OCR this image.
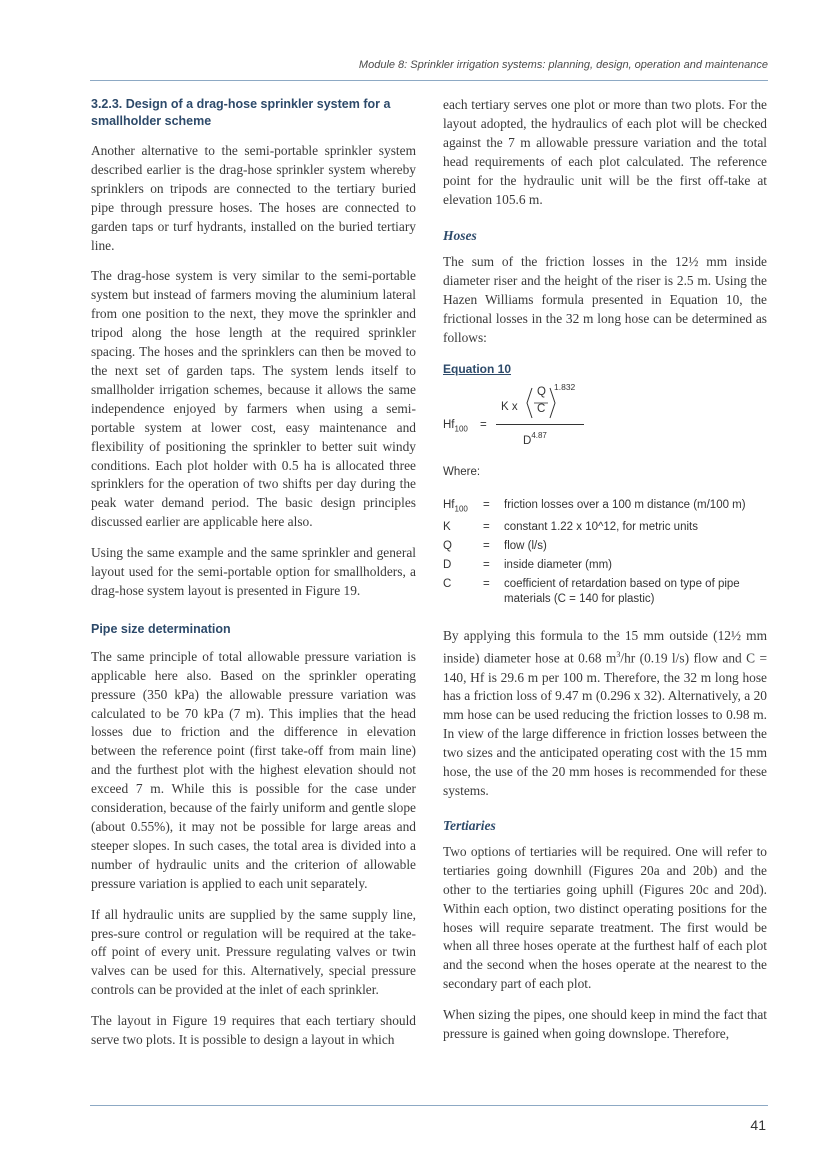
Module 8: Sprinkler irrigation systems: planning, design, operation and maintenance
3.2.3. Design of a drag-hose sprinkler system for a smallholder scheme

Another alternative to the semi-portable sprinkler system described earlier is the drag-hose sprinkler system whereby sprinklers on tripods are connected to the tertiary buried pipe through pressure hoses. The hoses are connected to garden taps or turf hydrants, installed on the buried tertiary line.

The drag-hose system is very similar to the semi-portable system but instead of farmers moving the aluminium lateral from one position to the next, they move the sprinkler and tripod along the hose length at the required sprinkler spacing. The hoses and the sprinklers can then be moved to the next set of garden taps. The system lends itself to smallholder irrigation schemes, because it allows the same independence enjoyed by farmers when using a semi-portable system at lower cost, easy maintenance and flexibility of positioning the sprinkler to better suit windy conditions. Each plot holder with 0.5 ha is allocated three sprinklers for the operation of two shifts per day during the peak water demand period. The basic design principles discussed earlier are applicable here also.

Using the same example and the same sprinkler and general layout used for the semi-portable option for smallholders, a drag-hose system layout is presented in Figure 19.

Pipe size determination

The same principle of total allowable pressure variation is applicable here also. Based on the sprinkler operating pressure (350 kPa) the allowable pressure variation was calculated to be 70 kPa (7 m). This implies that the head losses due to friction and the difference in elevation between the reference point (first take-off from main line) and the furthest plot with the highest elevation should not exceed 7 m. While this is possible for the case under consideration, because of the fairly uniform and gentle slope (about 0.55%), it may not be possible for large areas and steeper slopes. In such cases, the total area is divided into a number of hydraulic units and the criterion of allowable pressure variation is applied to each unit separately.

If all hydraulic units are supplied by the same supply line, pres-sure control or regulation will be required at the take-off point of every unit. Pressure regulating valves or twin valves can be used for this. Alternatively, special pressure controls can be provided at the inlet of each sprinkler.

The layout in Figure 19 requires that each tertiary should serve two plots. It is possible to design a layout in which

each tertiary serves one plot or more than two plots. For the layout adopted, the hydraulics of each plot will be checked against the 7 m allowable pressure variation and the total head requirements of each plot calculated. The reference point for the hydraulic unit will be the first off-take at elevation 105.6 m.

Hoses

The sum of the friction losses in the 12½ mm inside diameter riser and the height of the riser is 2.5 m. Using the Hazen Williams formula presented in Equation 10, the frictional losses in the 32 m long hose can be determined as follows:

Equation 10
$Hf_{100}$ =
K x
Q
C
1.832
$D^{4.87}$
Where:
$Hf_{100}$	=	friction losses over a 100 m distance (m/100 m)
K	=	constant 1.22 x 10^12, for metric units
Q	=	flow (l/s)
D	=	inside diameter (mm)
C	=	coefficient of retardation based on type of pipe materials (C = 140 for plastic)

By applying this formula to the 15 mm outside (12½ mm inside) diameter hose at 0.68 $m^3/hr$ (0.19 l/s) flow and C = 140, Hf is 29.6 m per 100 m. Therefore, the 32 m long hose has a friction loss of 9.47 m (0.296 x 32). Alternatively, a 20 mm hose can be used reducing the friction losses to 0.98 m. In view of the large difference in friction losses between the two sizes and the anticipated operating cost with the 15 mm hose, the use of the 20 mm hoses is recommended for these systems.

Tertiaries

Two options of tertiaries will be required. One will refer to tertiaries going downhill (Figures 20a and 20b) and the other to the tertiaries going uphill (Figures 20c and 20d). Within each option, two distinct operating positions for the hoses will require separate treatment. The first would be when all three hoses operate at the furthest half of each plot and the second when the hoses operate at the nearest to the secondary part of each plot.

When sizing the pipes, one should keep in mind the fact that pressure is gained when going downslope. Therefore,

41
